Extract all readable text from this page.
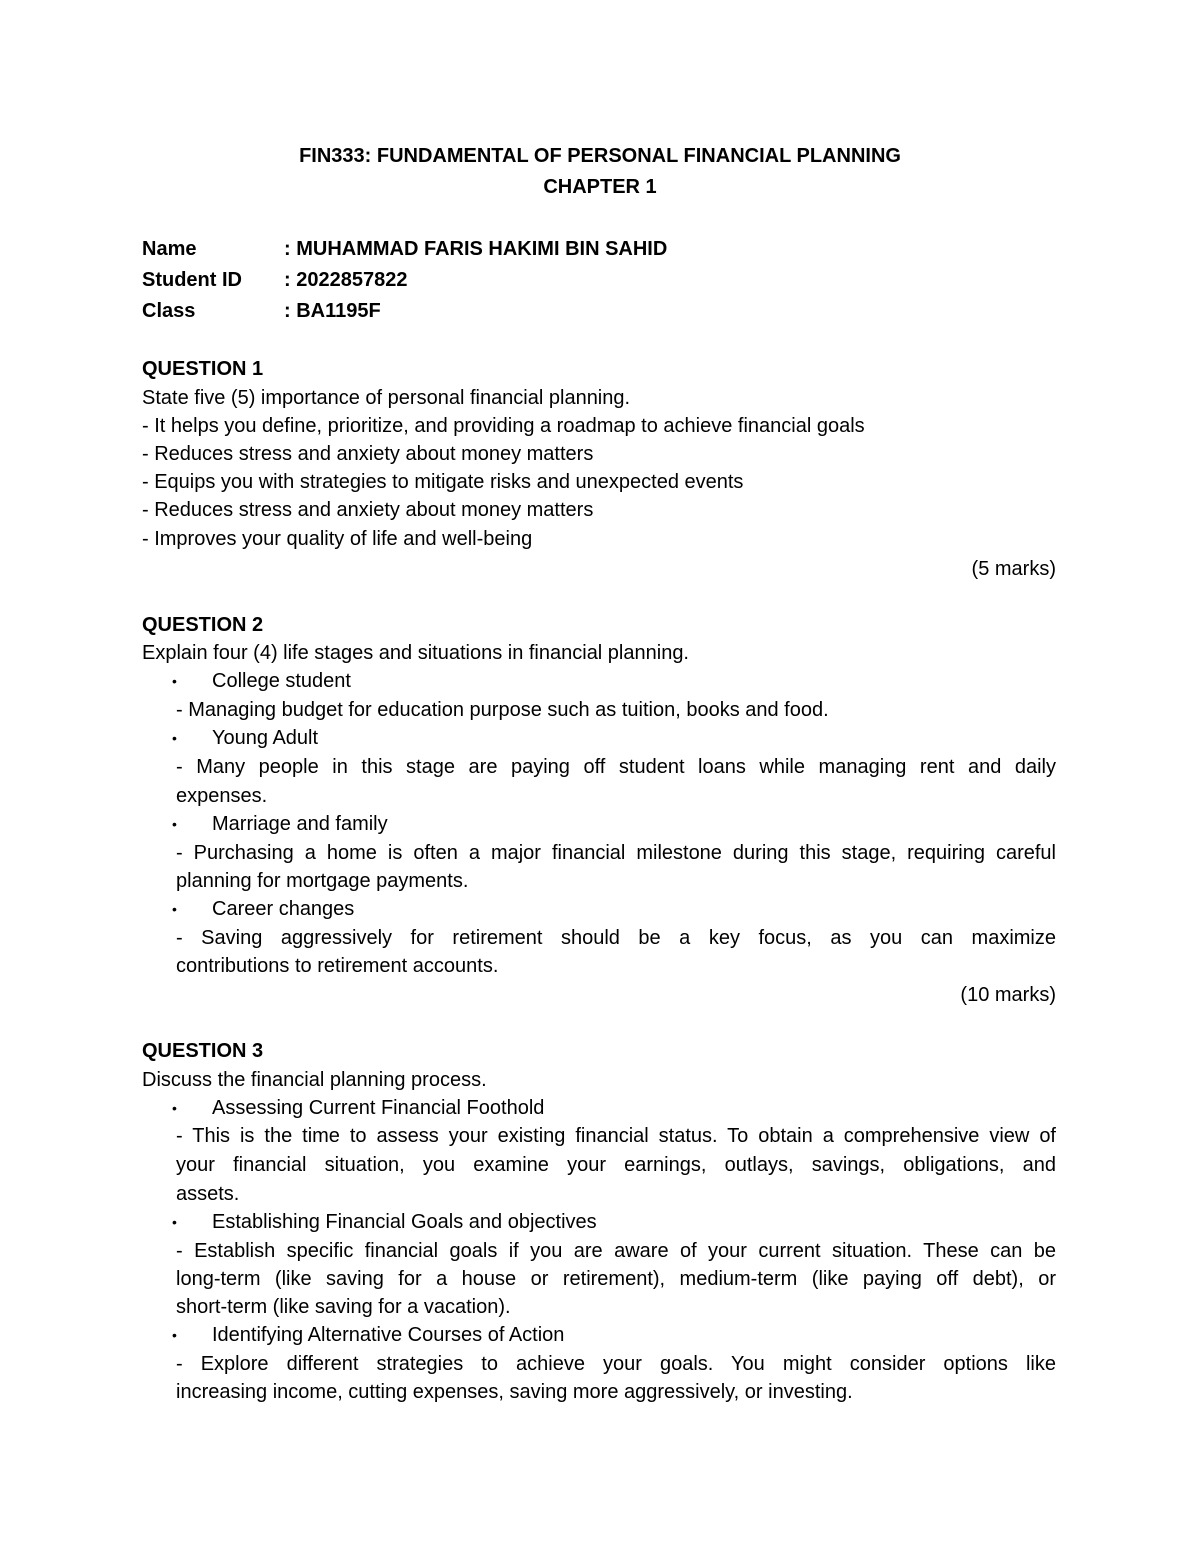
FIN333: FUNDAMENTAL OF PERSONAL FINANCIAL PLANNING
CHAPTER 1
Name	: MUHAMMAD FARIS HAKIMI BIN SAHID
Student ID : 2022857822
Class	: BA1195F
QUESTION 1
State five (5) importance of personal financial planning.
- It helps you define, prioritize, and providing a roadmap to achieve financial goals
- Reduces stress and anxiety about money matters
- Equips you with strategies to mitigate risks and unexpected events
- Reduces stress and anxiety about money matters
- Improves your quality of life and well-being
(5 marks)
QUESTION 2
Explain four (4) life stages and situations in financial planning.
• College student
- Managing budget for education purpose such as tuition, books and food.
• Young Adult
- Many people in this stage are paying off student loans while managing rent and daily
expenses.
• Marriage and family
- Purchasing a home is often a major financial milestone during this stage, requiring careful
planning for mortgage payments.
• Career changes
- Saving aggressively for retirement should be a key focus, as you can maximize
contributions to retirement accounts.
(10 marks)
QUESTION 3
Discuss the financial planning process.
• Assessing Current Financial Foothold
- This is the time to assess your existing financial status. To obtain a comprehensive view of
your financial situation, you examine your earnings, outlays, savings, obligations, and
assets.
• Establishing Financial Goals and objectives
- Establish specific financial goals if you are aware of your current situation. These can be
long-term (like saving for a house or retirement), medium-term (like paying off debt), or
short-term (like saving for a vacation).
• Identifying Alternative Courses of Action
- Explore different strategies to achieve your goals. You might consider options like
increasing income, cutting expenses, saving more aggressively, or investing.
